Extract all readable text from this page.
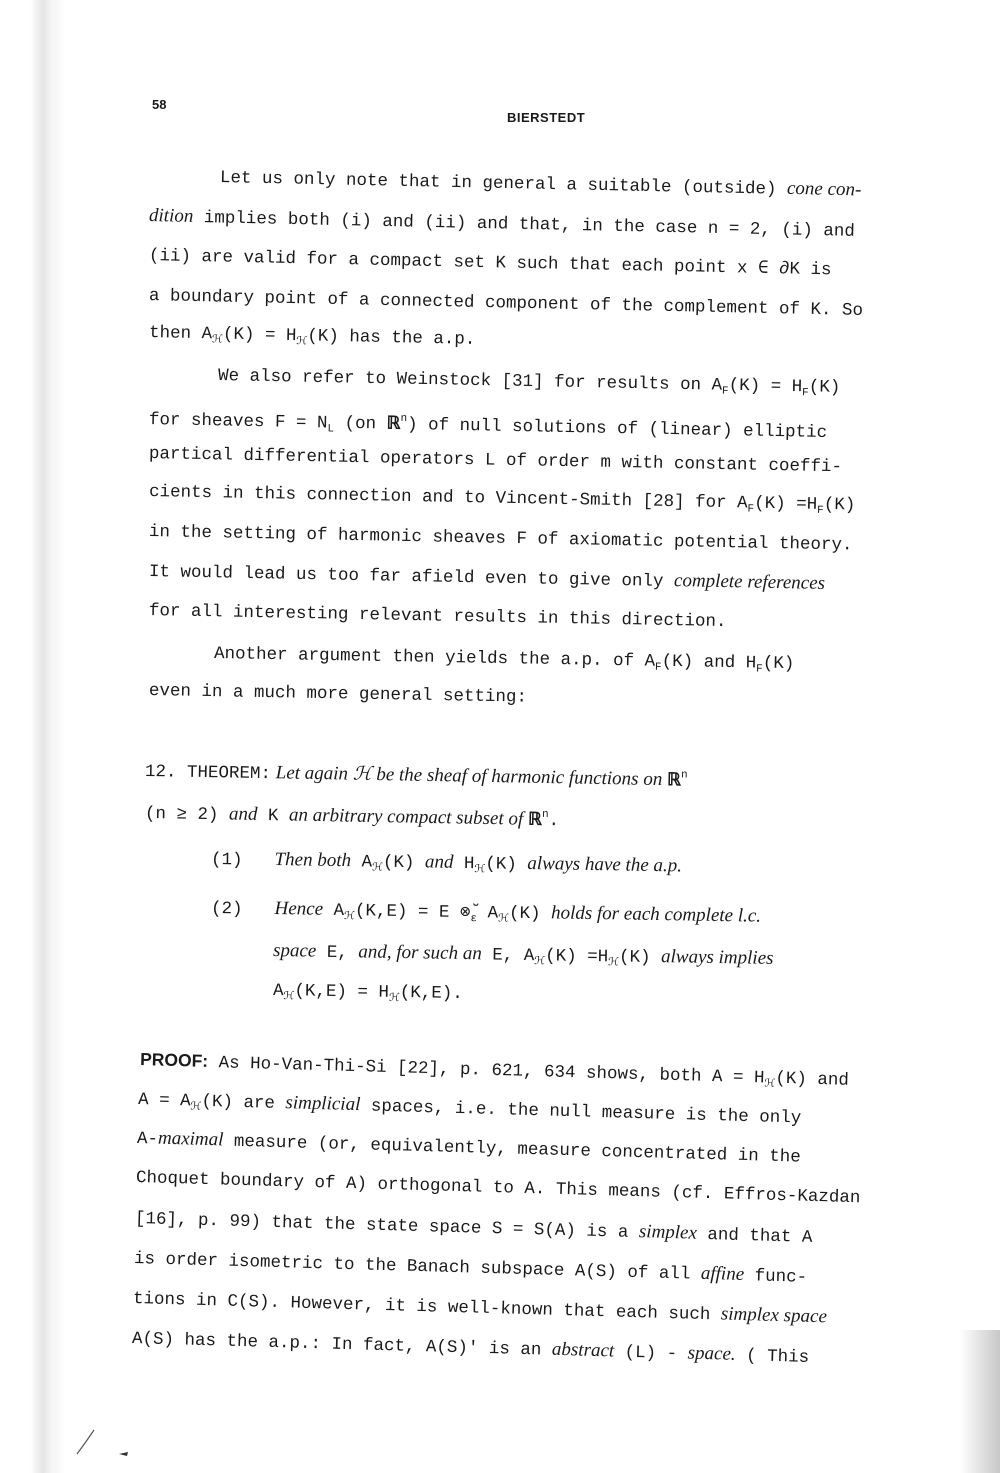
58
BIERSTEDT
Let us only note that in general a suitable (outside) cone con-
dition implies both (i) and (ii) and that, in the case n = 2, (i) and
(ii) are valid for a compact set K such that each point x ∈ ∂K is
a boundary point of a connected component of the complement of K. So
then $A_ℋ(K) = H_ℋ(K)$ has the a.p.
We also refer to Weinstock [31] for results on $A_F(K) = H_F(K)$
for sheaves $F = N_L$ (on ℝ$^n$) of null solutions of (linear) elliptic
partical differential operators L of order m with constant coeffi-
cients in this connection and to Vincent-Smith [28] for $A_F(K) =H_F(K)$
in the setting of harmonic sheaves F of axiomatic potential theory.
It would lead us too far afield even to give only complete references
for all interesting relevant results in this direction.
Another argument then yields the a.p. of $A_F(K)$ and $H_F(K)$
even in a much more general setting:
12. THEOREM: Let again ℋ be the sheaf of harmonic functions on ℝ$^n$
(n ≥ 2) and K an arbitrary compact subset of ℝ$^n$.
(1) Then both $A_ℋ(K)$ and $H_ℋ(K)$ always have the a.p.
(2) Hence $A_ℋ(K,E) = E$ $\otimes̆_\varepsilon$ $A_ℋ(K)$ holds for each complete l.c.
space E, and, for such an E, $A_ℋ(K) =H_ℋ(K)$ always implies
$A_ℋ(K,E) = H_ℋ(K,E)$.
PROOF: As Ho-Van-Thi-Si [22], p. 621, 634 shows, both $A = H_ℋ(K)$ and
$A = A_ℋ(K)$ are simplicial spaces, i.e. the null measure is the only
A-maximal measure (or, equivalently, measure concentrated in the
Choquet boundary of A) orthogonal to A. This means (cf. Effros-Kazdan
[16], p. 99) that the state space S = S(A) is a simplex and that A
is order isometric to the Banach subspace A(S) of all affine func-
tions in C(S). However, it is well-known that each such simplex space
A(S) has the a.p.: In fact, A(S)' is an abstract (L) - space. ( This
